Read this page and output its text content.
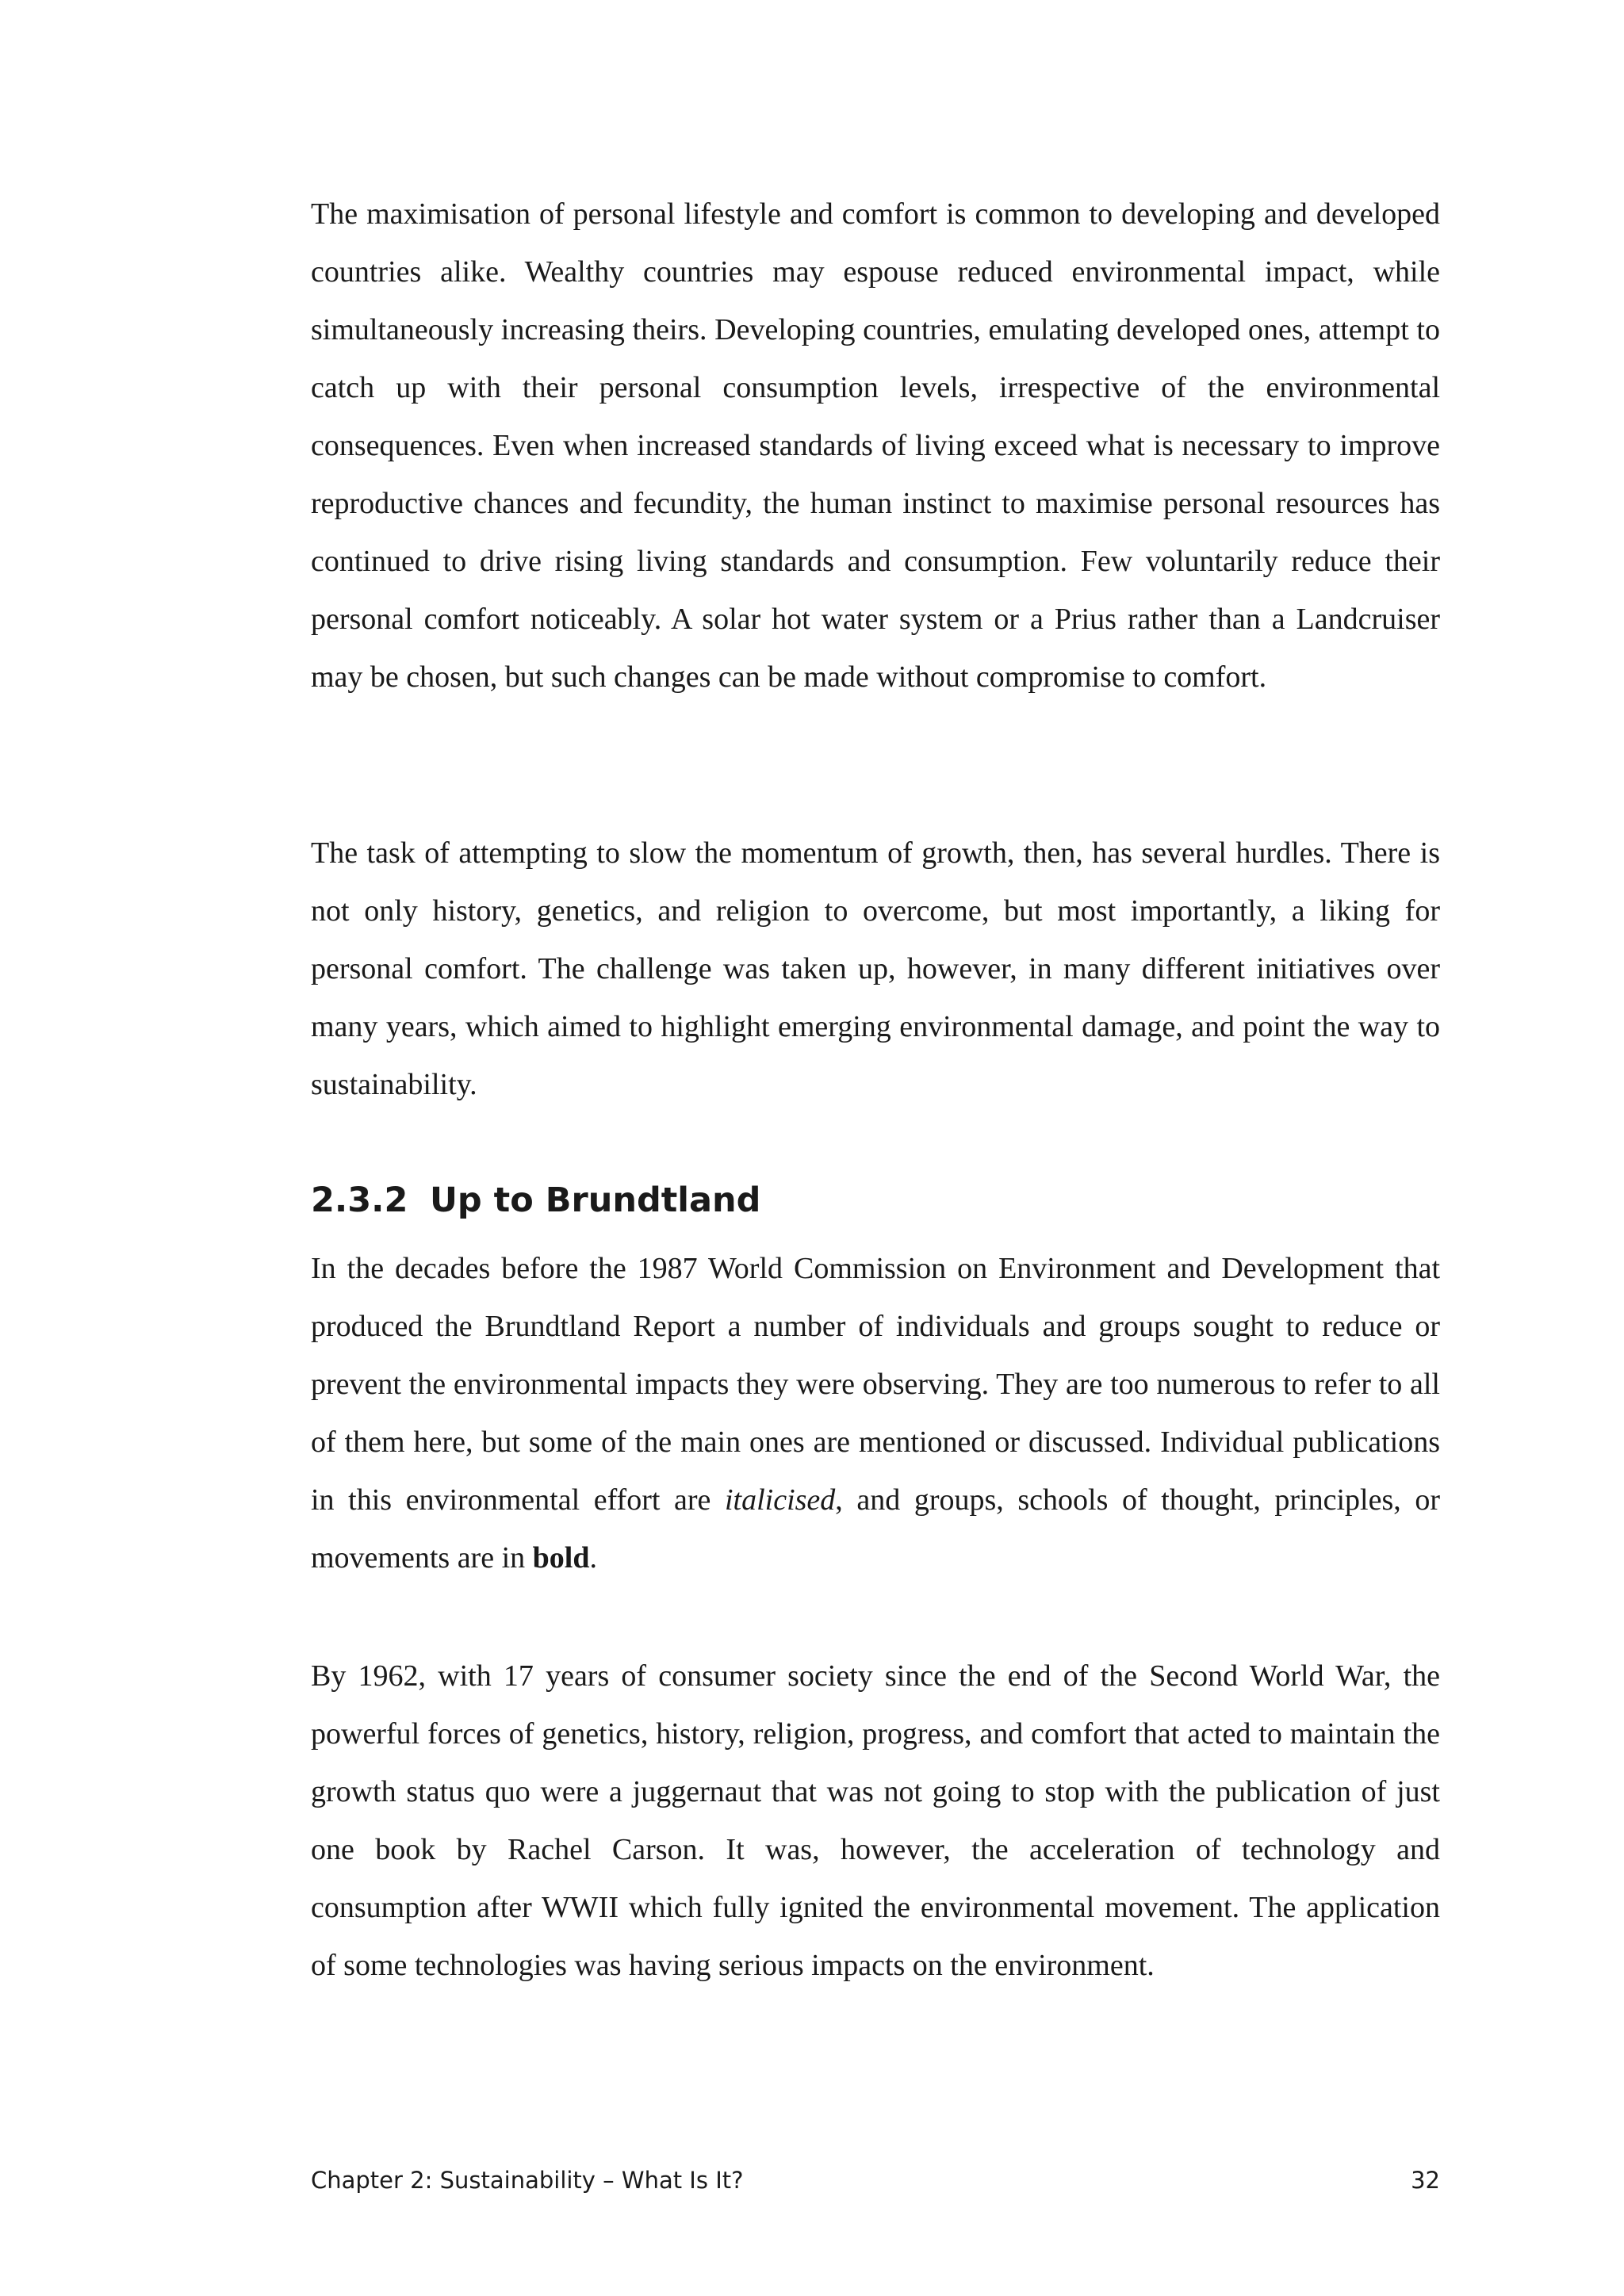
The maximisation of personal lifestyle and comfort is common to developing and developed countries alike. Wealthy countries may espouse reduced environmental impact, while simultaneously increasing theirs. Developing countries, emulating developed ones, attempt to catch up with their personal consumption levels, irrespective of the environmental consequences. Even when increased standards of living exceed what is necessary to improve reproductive chances and fecundity, the human instinct to maximise personal resources has continued to drive rising living standards and consumption. Few voluntarily reduce their personal comfort noticeably. A solar hot water system or a Prius rather than a Landcruiser may be chosen, but such changes can be made without compromise to comfort.

The task of attempting to slow the momentum of growth, then, has several hurdles. There is not only history, genetics, and religion to overcome, but most importantly, a liking for personal comfort. The challenge was taken up, however, in many different initiatives over many years, which aimed to highlight emerging environmental damage, and point the way to sustainability.

2.3.2 Up to Brundtland

In the decades before the 1987 World Commission on Environment and Development that produced the Brundtland Report a number of individuals and groups sought to reduce or prevent the environmental impacts they were observing. They are too numerous to refer to all of them here, but some of the main ones are mentioned or discussed. Individual publications in this environmental effort are italicised, and groups, schools of thought, principles, or movements are in bold.

By 1962, with 17 years of consumer society since the end of the Second World War, the powerful forces of genetics, history, religion, progress, and comfort that acted to maintain the growth status quo were a juggernaut that was not going to stop with the publication of just one book by Rachel Carson. It was, however, the acceleration of technology and consumption after WWII which fully ignited the environmental movement. The application of some technologies was having serious impacts on the environment.

Chapter 2: Sustainability – What Is It?	32
